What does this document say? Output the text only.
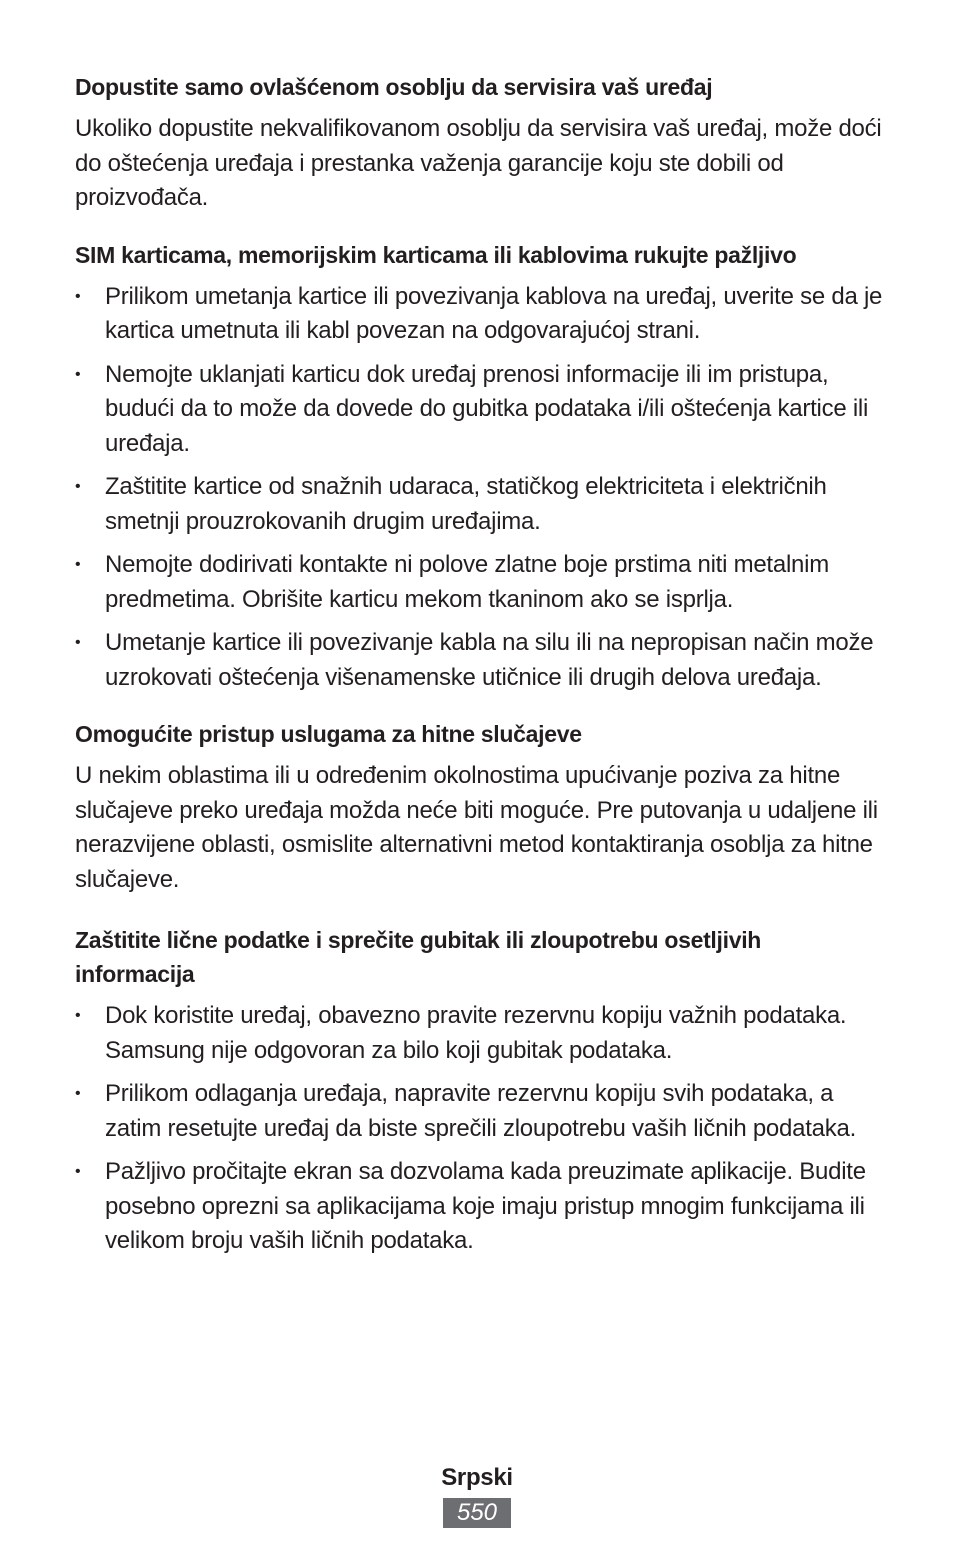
Dopustite samo ovlašćenom osoblju da servisira vaš uređaj

Ukoliko dopustite nekvalifikovanom osoblju da servisira vaš uređaj, može doći do oštećenja uređaja i prestanka važenja garancije koju ste dobili od proizvođača.

SIM karticama, memorijskim karticama ili kablovima rukujte pažljivo
• Prilikom umetanja kartice ili povezivanja kablova na uređaj, uverite se da je kartica umetnuta ili kabl povezan na odgovarajućoj strani.
• Nemojte uklanjati karticu dok uređaj prenosi informacije ili im pristupa, budući da to može da dovede do gubitka podataka i/ili oštećenja kartice ili uređaja.
• Zaštitite kartice od snažnih udaraca, statičkog elektriciteta i električnih smetnji prouzrokovanih drugim uređajima.
• Nemojte dodirivati kontakte ni polove zlatne boje prstima niti metalnim predmetima. Obrišite karticu mekom tkaninom ako se isprlja.
• Umetanje kartice ili povezivanje kabla na silu ili na nepropisan način može uzrokovati oštećenja višenamenske utičnice ili drugih delova uređaja.
Omogućite pristup uslugama za hitne slučajeve

U nekim oblastima ili u određenim okolnostima upućivanje poziva za hitne slučajeve preko uređaja možda neće biti moguće. Pre putovanja u udaljene ili nerazvijene oblasti, osmislite alternativni metod kontaktiranja osoblja za hitne slučajeve.

Zaštitite lične podatke i sprečite gubitak ili zloupotrebu osetljivih informacija
• Dok koristite uređaj, obavezno pravite rezervnu kopiju važnih podataka. Samsung nije odgovoran za bilo koji gubitak podataka.
• Prilikom odlaganja uređaja, napravite rezervnu kopiju svih podataka, a zatim resetujte uređaj da biste sprečili zloupotrebu vaših ličnih podataka.
• Pažljivo pročitajte ekran sa dozvolama kada preuzimate aplikacije. Budite posebno oprezni sa aplikacijama koje imaju pristup mnogim funkcijama ili velikom broju vaših ličnih podataka.
Srpski
550
